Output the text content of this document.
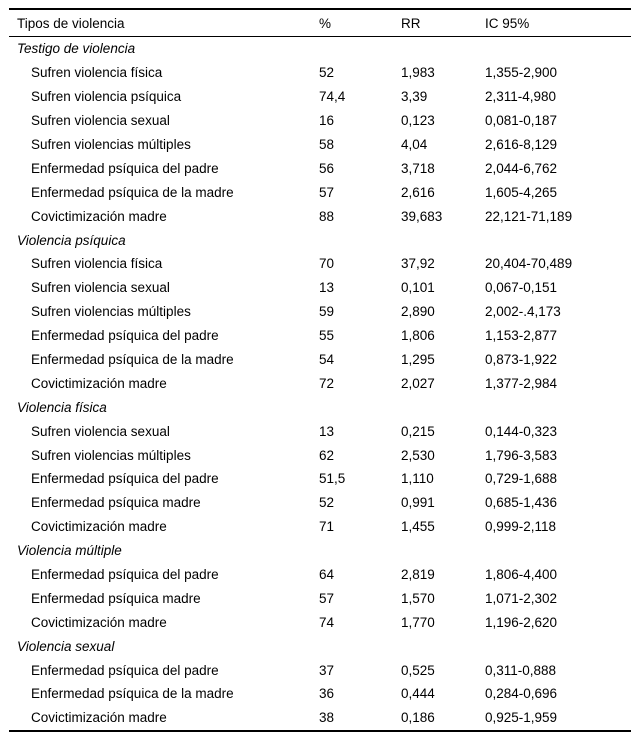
Tipos de violencia	%	RR	IC 95%
Testigo de violencia			
Sufren violencia física	52	1,983	1,355-2,900
Sufren violencia psíquica	74,4	3,39	2,311-4,980
Sufren violencia sexual	16	0,123	0,081-0,187
Sufren violencias múltiples	58	4,04	2,616-8,129
Enfermedad psíquica del padre	56	3,718	2,044-6,762
Enfermedad psíquica de la madre	57	2,616	1,605-4,265
Covictimización madre	88	39,683	22,121-71,189
Violencia psíquica			
Sufren violencia física	70	37,92	20,404-70,489
Sufren violencia sexual	13	0,101	0,067-0,151
Sufren violencias múltiples	59	2,890	2,002-.4,173
Enfermedad psíquica del padre	55	1,806	1,153-2,877
Enfermedad psíquica de la madre	54	1,295	0,873-1,922
Covictimización madre	72	2,027	1,377-2,984
Violencia física			
Sufren violencia sexual	13	0,215	0,144-0,323
Sufren violencias múltiples	62	2,530	1,796-3,583
Enfermedad psíquica del padre	51,5	1,110	0,729-1,688
Enfermedad psíquica madre	52	0,991	0,685-1,436
Covictimización madre	71	1,455	0,999-2,118
Violencia múltiple			
Enfermedad psíquica del padre	64	2,819	1,806-4,400
Enfermedad psíquica madre	57	1,570	1,071-2,302
Covictimización madre	74	1,770	1,196-2,620
Violencia sexual			
Enfermedad psíquica del padre	37	0,525	0,311-0,888
Enfermedad psíquica de la madre	36	0,444	0,284-0,696
Covictimización madre	38	0,186	0,925-1,959
